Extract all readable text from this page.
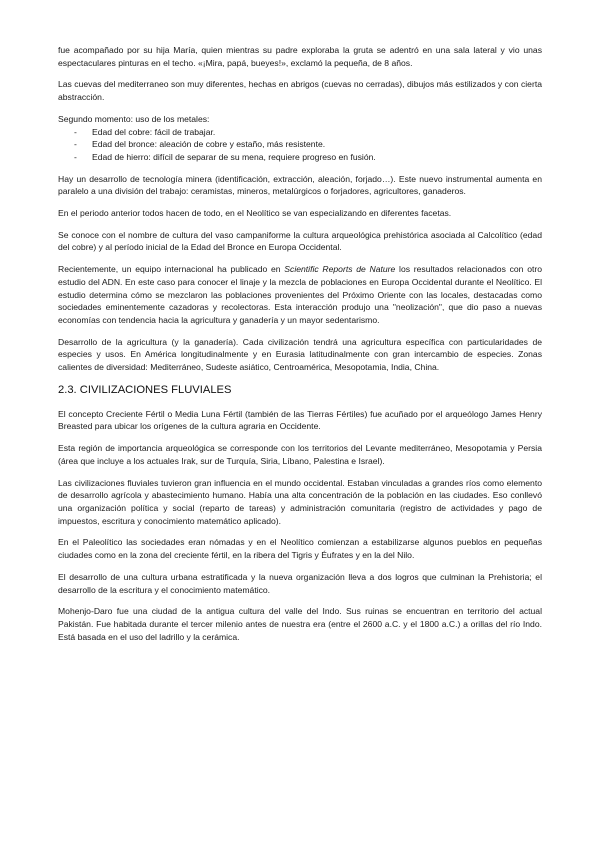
fue acompañado por su hija María, quien mientras su padre exploraba la gruta se adentró en una sala lateral y vio unas espectaculares pinturas en el techo. «¡Mira, papá, bueyes!», exclamó la pequeña, de 8 años.

Las cuevas del mediterraneo son muy diferentes, hechas en abrigos (cuevas no cerradas), dibujos más estilizados y con cierta abstracción.

Segundo momento: uso de los metales:

- Edad del cobre: fácil de trabajar.
- Edad del bronce: aleación de cobre y estaño, más resistente.
- Edad de hierro: difícil de separar de su mena, requiere progreso en fusión.

Hay un desarrollo de tecnología minera (identificación, extracción, aleación, forjado…). Este nuevo instrumental aumenta en paralelo a una división del trabajo: ceramistas, mineros, metalúrgicos o forjadores, agricultores, ganaderos.

En el periodo anterior todos hacen de todo, en el Neolítico se van especializando en diferentes facetas.

Se conoce con el nombre de cultura del vaso campaniforme la cultura arqueológica prehistórica asociada al Calcolítico (edad del cobre) y al período inicial de la Edad del Bronce en Europa Occidental.

Recientemente, un equipo internacional ha publicado en Scientific Reports de Nature los resultados relacionados con otro estudio del ADN. En este caso para conocer el linaje y la mezcla de poblaciones en Europa Occidental durante el Neolítico. El estudio determina cómo se mezclaron las poblaciones provenientes del Próximo Oriente con las locales, destacadas como sociedades eminentemente cazadoras y recolectoras. Esta interacción produjo una "neolización", que dio paso a nuevas economías con tendencia hacia la agricultura y ganadería y un mayor sedentarismo.

Desarrollo de la agricultura (y la ganadería). Cada civilización tendrá una agricultura específica con particularidades de especies y usos. En América longitudinalmente y en Eurasia latitudinalmente con gran intercambio de especies. Zonas calientes de diversidad: Mediterráneo, Sudeste asiático, Centroamérica, Mesopotamia, India, China.

2.3. CIVILIZACIONES FLUVIALES

El concepto Creciente Fértil o Media Luna Fértil (también de las Tierras Fértiles) fue acuñado por el arqueólogo James Henry Breasted para ubicar los orígenes de la cultura agraria en Occidente.

Esta región de importancia arqueológica se corresponde con los territorios del Levante mediterráneo, Mesopotamia y Persia (área que incluye a los actuales Irak, sur de Turquía, Siria, Líbano, Palestina e Israel).

Las civilizaciones fluviales tuvieron gran influencia en el mundo occidental. Estaban vinculadas a grandes ríos como elemento de desarrollo agrícola y abastecimiento humano. Había una alta concentración de la población en las ciudades. Eso conllevó una organización política y social (reparto de tareas) y administración comunitaria (registro de actividades y pago de impuestos, escritura y conocimiento matemático aplicado).

En el Paleolítico las sociedades eran nómadas y en el Neolítico comienzan a estabilizarse algunos pueblos en pequeñas ciudades como en la zona del creciente fértil, en la ribera del Tigris y Éufrates y en la del Nilo.

El desarrollo de una cultura urbana estratificada y la nueva organización lleva a dos logros que culminan la Prehistoria; el desarrollo de la escritura y el conocimiento matemático.

Mohenjo-Daro fue una ciudad de la antigua cultura del valle del Indo. Sus ruinas se encuentran en territorio del actual Pakistán. Fue habitada durante el tercer milenio antes de nuestra era (entre el 2600 a.C. y el 1800 a.C.) a orillas del río Indo. Está basada en el uso del ladrillo y la cerámica.
